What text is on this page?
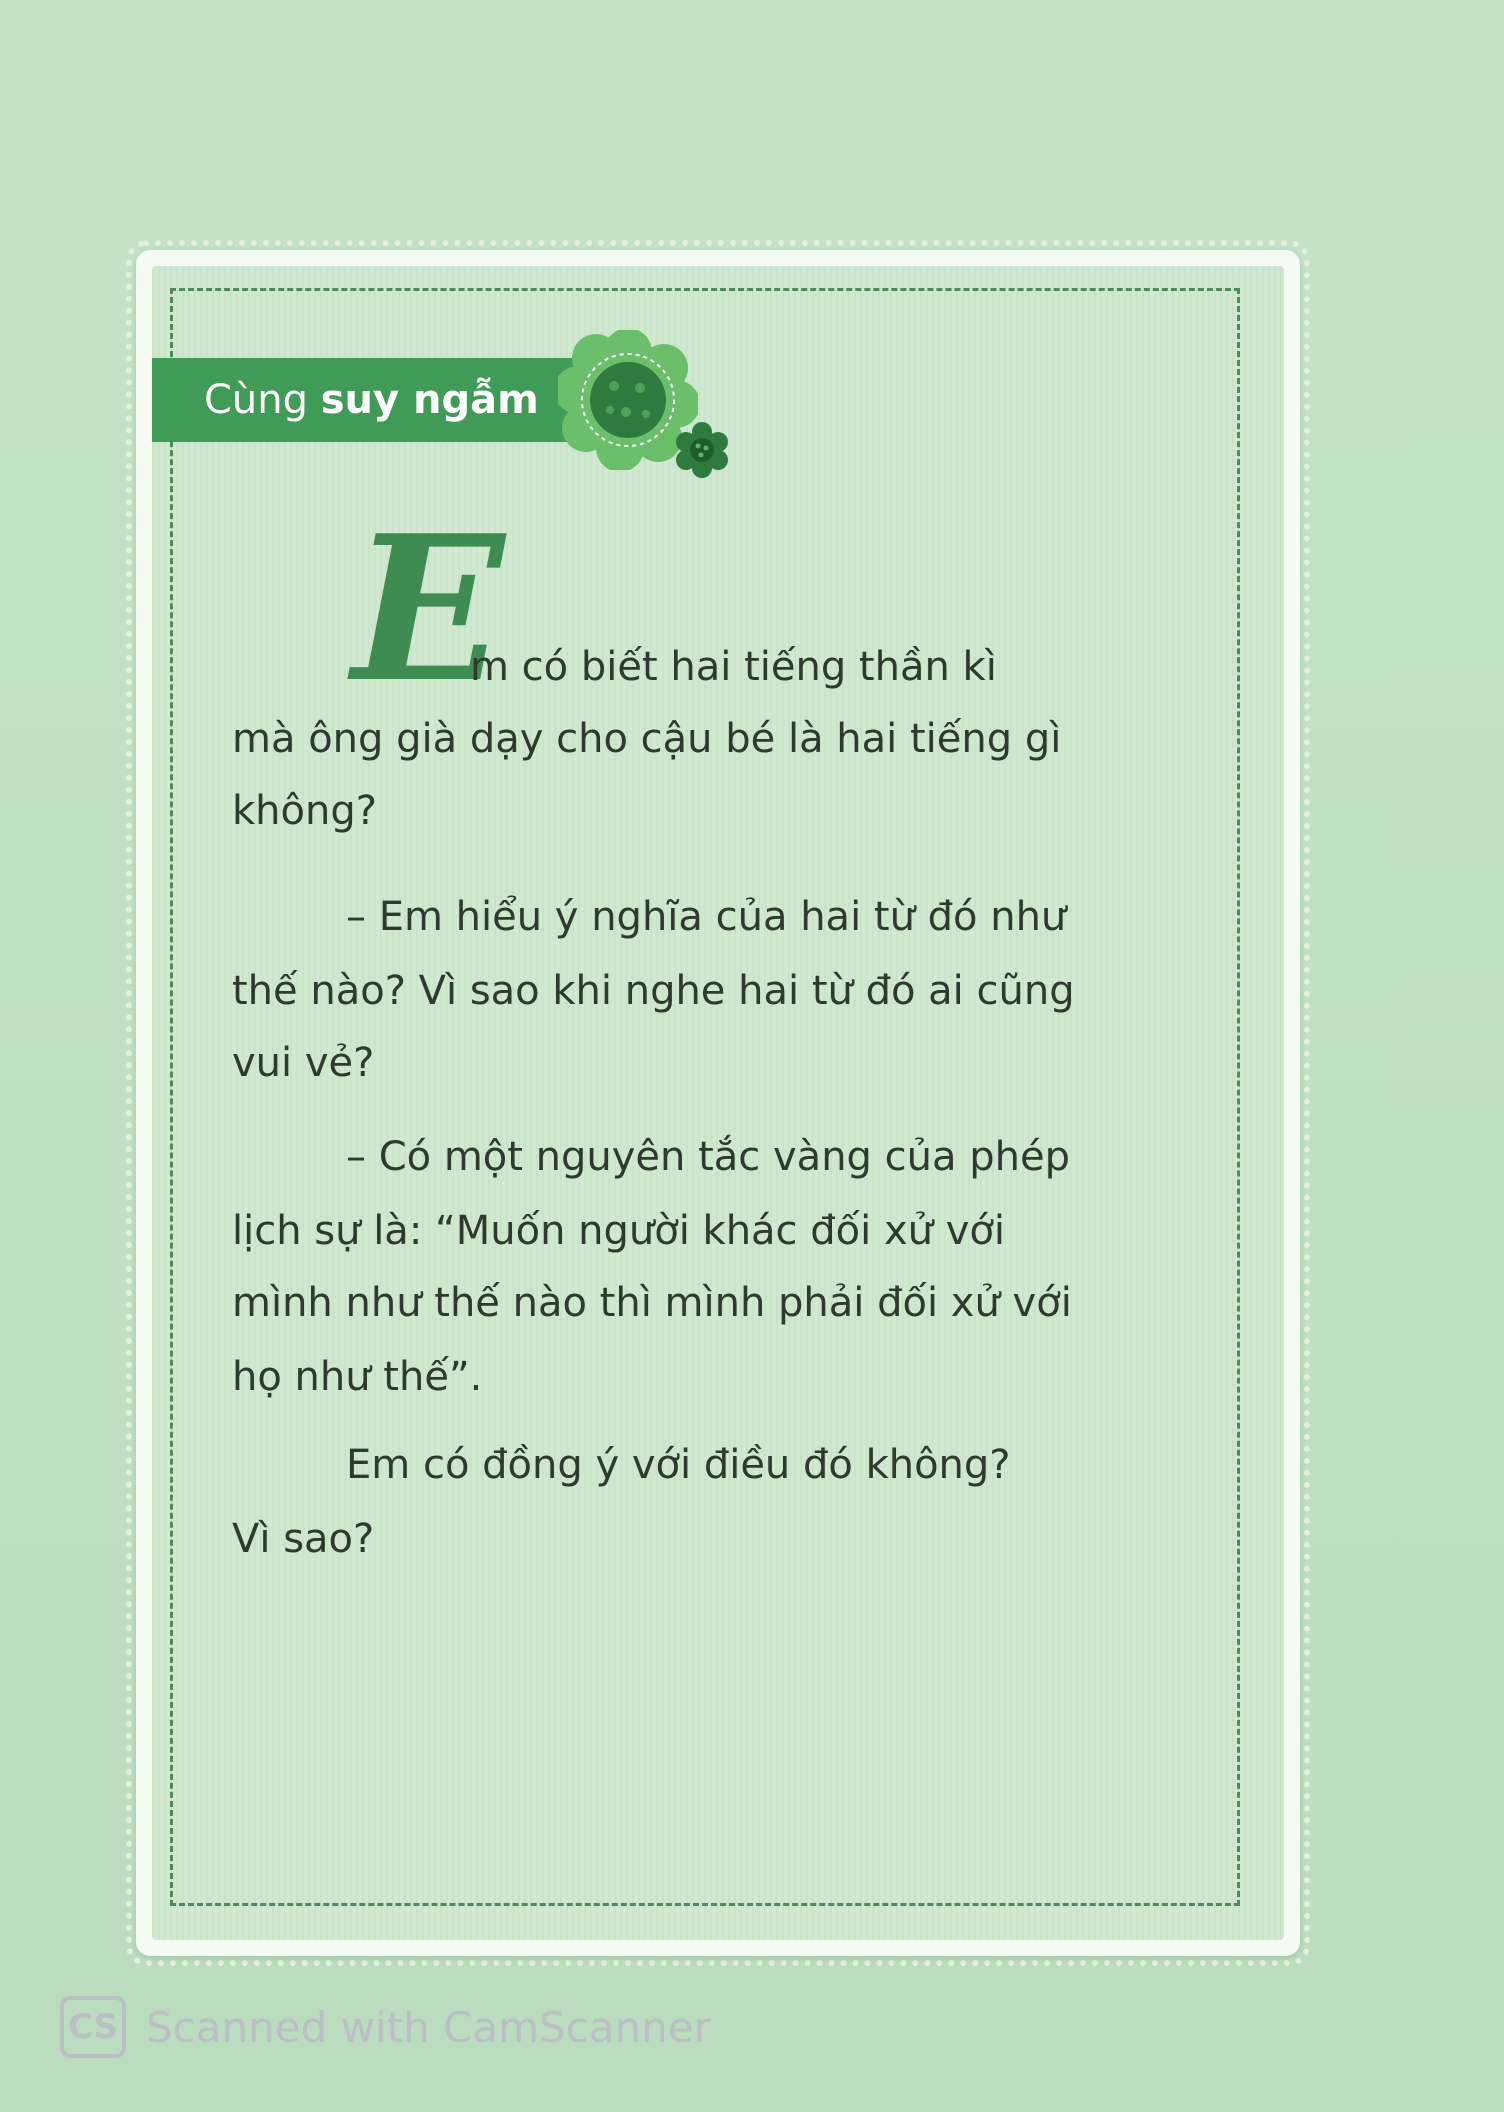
Cùng suy ngẫm
E
m có biết hai tiếng thần kì
mà ông già dạy cho cậu bé là hai tiếng gì
không?
– Em hiểu ý nghĩa của hai từ đó như
thế nào? Vì sao khi nghe hai từ đó ai cũng
vui vẻ?
– Có một nguyên tắc vàng của phép
lịch sự là: “Muốn người khác đối xử với
mình như thế nào thì mình phải đối xử với
họ như thế”.
Em có đồng ý với điều đó không?
Vì sao?
CS Scanned with CamScanner
